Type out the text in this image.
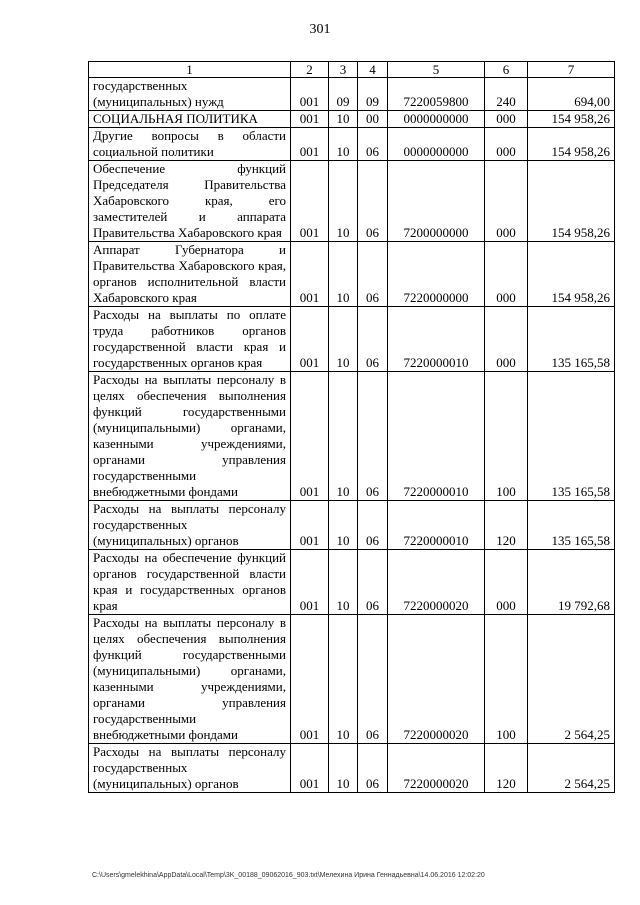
301
1	2	3	4	5	6	7
государственных (муниципальных) нужд	001	09	09	7220059800	240	694,00
СОЦИАЛЬНАЯ ПОЛИТИКА	001	10	00	0000000000	000	154 958,26
Другие вопросы в области социальной политики	001	10	06	0000000000	000	154 958,26
Обеспечение функций Председателя Правительства Хабаровского края, его заместителей и аппарата Правительства Хабаровского края	001	10	06	7200000000	000	154 958,26
Аппарат Губернатора и Правительства Хабаровского края, органов исполнительной власти Хабаровского края	001	10	06	7220000000	000	154 958,26
Расходы на выплаты по оплате труда работников органов государственной власти края и государственных органов края	001	10	06	7220000010	000	135 165,58
Расходы на выплаты персоналу в целях обеспечения выполнения функций государственными (муниципальными) органами, казенными учреждениями, органами управления государственными внебюджетными фондами	001	10	06	7220000010	100	135 165,58
Расходы на выплаты персоналу государственных (муниципальных) органов	001	10	06	7220000010	120	135 165,58
Расходы на обеспечение функций органов государственной власти края и государственных органов края	001	10	06	7220000020	000	19 792,68
Расходы на выплаты персоналу в целях обеспечения выполнения функций государственными (муниципальными) органами, казенными учреждениями, органами управления государственными внебюджетными фондами	001	10	06	7220000020	100	2 564,25
Расходы на выплаты персоналу государственных (муниципальных) органов	001	10	06	7220000020	120	2 564,25
C:\Users\gmelekhina\AppData\Local\Temp\3K_00188_09062016_903.txt\Мелехина Ирина Геннадьевна\14.06.2016 12:02:20
